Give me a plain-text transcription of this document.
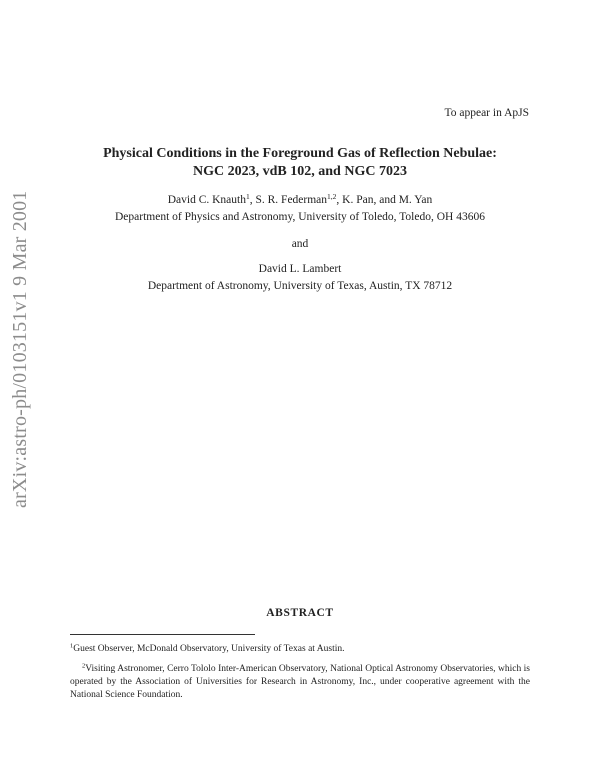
arXiv:astro-ph/0103151v1 9 Mar 2001
To appear in ApJS
Physical Conditions in the Foreground Gas of Reflection Nebulae:
NGC 2023, vdB 102, and NGC 7023
David C. Knauth$^1$, S. R. Federman$^{1,2}$, K. Pan, and M. Yan
Department of Physics and Astronomy, University of Toledo, Toledo, OH 43606
and
David L. Lambert
Department of Astronomy, University of Texas, Austin, TX 78712
ABSTRACT
$^1$Guest Observer, McDonald Observatory, University of Texas at Austin.
$^2$Visiting Astronomer, Cerro Tololo Inter-American Observatory, National Optical Astronomy Observatories, which is operated by the Association of Universities for Research in Astronomy, Inc., under cooperative agreement with the National Science Foundation.
